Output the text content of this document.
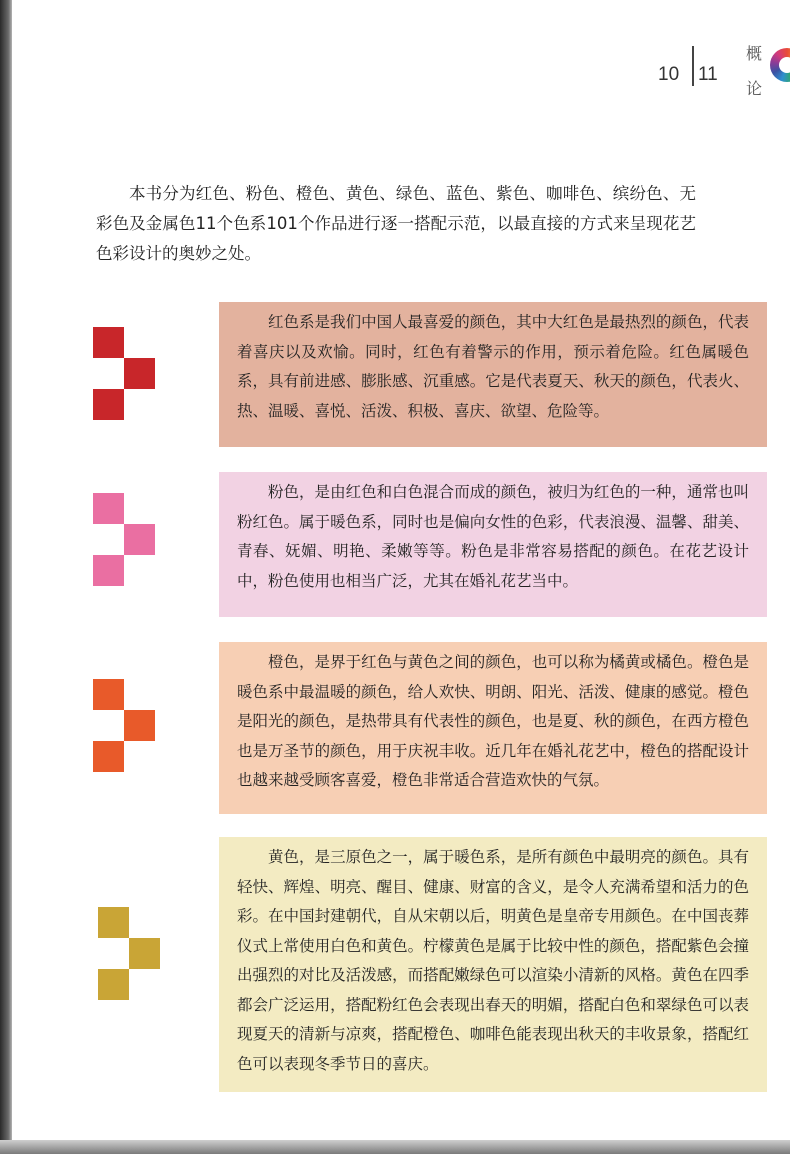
10 11
概
论

本书分为红色、粉色、橙色、黄色、绿色、蓝色、紫色、咖啡色、缤纷色、无彩色及金属色11个色系101个作品进行逐一搭配示范，以最直接的方式来呈现花艺色彩设计的奥妙之处。

红色系是我们中国人最喜爱的颜色，其中大红色是最热烈的颜色，代表着喜庆以及欢愉。同时，红色有着警示的作用，预示着危险。红色属暖色系，具有前进感、膨胀感、沉重感。它是代表夏天、秋天的颜色，代表火、热、温暖、喜悦、活泼、积极、喜庆、欲望、危险等。
粉色，是由红色和白色混合而成的颜色，被归为红色的一种，通常也叫粉红色。属于暖色系，同时也是偏向女性的色彩，代表浪漫、温馨、甜美、青春、妩媚、明艳、柔嫩等等。粉色是非常容易搭配的颜色。在花艺设计中，粉色使用也相当广泛，尤其在婚礼花艺当中。
橙色，是界于红色与黄色之间的颜色，也可以称为橘黄或橘色。橙色是暖色系中最温暖的颜色，给人欢快、明朗、阳光、活泼、健康的感觉。橙色是阳光的颜色，是热带具有代表性的颜色，也是夏、秋的颜色，在西方橙色也是万圣节的颜色，用于庆祝丰收。近几年在婚礼花艺中，橙色的搭配设计也越来越受顾客喜爱，橙色非常适合营造欢快的气氛。
黄色，是三原色之一，属于暖色系，是所有颜色中最明亮的颜色。具有轻快、辉煌、明亮、醒目、健康、财富的含义，是令人充满希望和活力的色彩。在中国封建朝代，自从宋朝以后，明黄色是皇帝专用颜色。在中国丧葬仪式上常使用白色和黄色。柠檬黄色是属于比较中性的颜色，搭配紫色会撞出强烈的对比及活泼感，而搭配嫩绿色可以渲染小清新的风格。黄色在四季都会广泛运用，搭配粉红色会表现出春天的明媚，搭配白色和翠绿色可以表现夏天的清新与凉爽，搭配橙色、咖啡色能表现出秋天的丰收景象，搭配红色可以表现冬季节日的喜庆。
